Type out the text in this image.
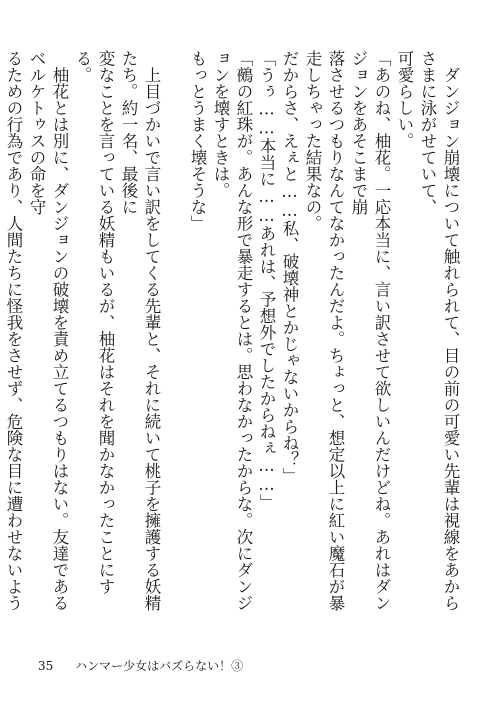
　ダンジョン崩壊について触れられて、目の前の可愛い先輩は視線をあからさまに泳がせていて、

可愛らしい。

「あのね、柚花。一応本当に、言い訳させて欲しいんだけどね。あれはダンジョンをあそこまで崩

落させるつもりなんてなかったんだよ。ちょっと、想定以上に紅い魔石が暴走しちゃった結果なの。

だからさ、えぇと……私、破壊神とかじゃないからね？」

「うぅ……本当に……あれは、予想外でしたからねぇ……」

「鵺の紅珠が。あんな形で暴走するとは。思わなかったからな。次にダンジョンを壊すときは。

もっとうまく壊そうな」

　上目づかいで言い訳をしてくる先輩と、それに続いて桃子を擁護する妖精たち。約一名、最後に

変なことを言っている妖精もいるが、柚花はそれを聞かなかったことにする。

　柚花とは別に、ダンジョンの破壊を責め立てるつもりはない。友達であるベルケトゥスの命を守

るための行為であり、人間たちに怪我をさせず、危険な目に遭わせないよう

35 ハンマー少女はバズらない！③
